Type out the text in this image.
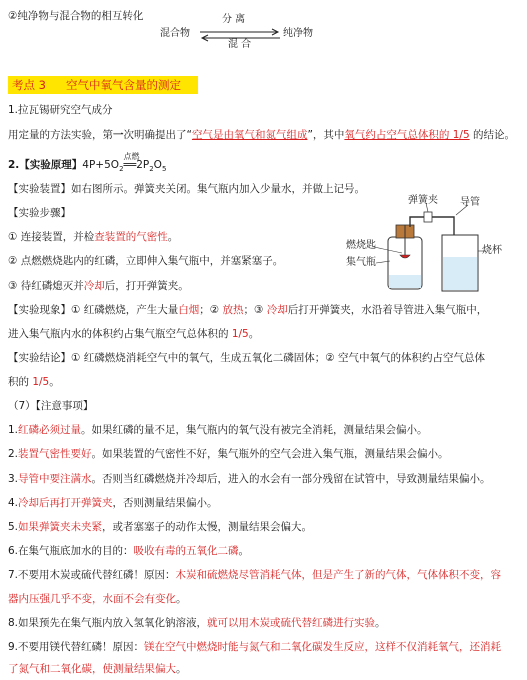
②纯净物与混合物的相互转化
混合物
分 离
混 合
纯净物
考点 3 空气中氧气含量的测定
1.拉瓦锡研究空气成分
用定量的方法实验，第一次明确提出了“空气是由氧气和氮气组成”，其中氧气约占空气总体积的 1/5 的结论。
2.【实验原理】$4P+5O_2$
点燃
$══2P_2O_5$
【实验装置】如右图所示。弹簧夹关闭。集气瓶内加入少量水，并做上记号。
【实验步骤】
① 连接装置，并检查装置的气密性。
② 点燃燃烧匙内的红磷，立即伸入集气瓶中，并塞紧塞子。
③ 待红磷熄灭并冷却后，打开弹簧夹。
弹簧夹 导管
燃烧匙
集气瓶
烧杯
【实验现象】① 红磷燃烧，产生大量白烟；② 放热；③ 冷却后打开弹簧夹，水沿着导管进入集气瓶中，
进入集气瓶内水的体积约占集气瓶空气总体积的 1/5。
【实验结论】① 红磷燃烧消耗空气中的氧气，生成五氧化二磷固体；② 空气中氧气的体积约占空气总体
积的 1/5。
（7）【注意事项】
1.红磷必须过量。如果红磷的量不足，集气瓶内的氧气没有被完全消耗，测量结果会偏小。
2.装置气密性要好。如果装置的气密性不好，集气瓶外的空气会进入集气瓶，测量结果会偏小。
3.导管中要注满水。否则当红磷燃烧并冷却后，进入的水会有一部分残留在试管中，导致测量结果偏小。
4.冷却后再打开弹簧夹，否则测量结果偏小。
5.如果弹簧夹未夹紧，或者塞塞子的动作太慢，测量结果会偏大。
6.在集气瓶底加水的目的：吸收有毒的五氧化二磷。
7.不要用木炭或硫代替红磷！原因：木炭和硫燃烧尽管消耗气体，但是产生了新的气体，气体体积不变，容
器内压强几乎不变，水面不会有变化。
8.如果预先在集气瓶内放入氢氧化钠溶液，就可以用木炭或硫代替红磷进行实验。
9.不要用镁代替红磷！原因：镁在空气中燃烧时能与氮气和二氧化碳发生反应，这样不仅消耗氧气，还消耗
了氮气和二氧化碳，使测量结果偏大。
